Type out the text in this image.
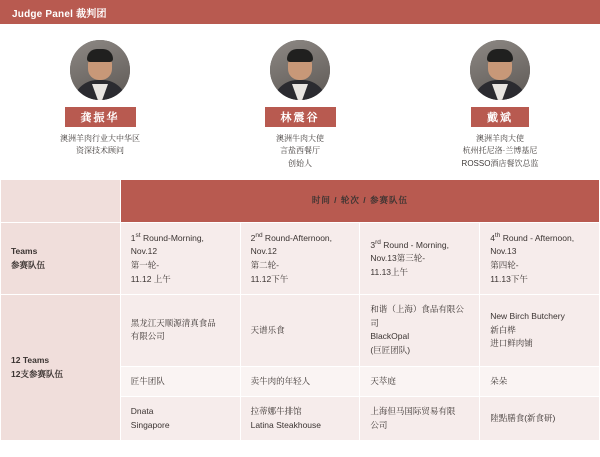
Judge Panel 裁判团
龚振华
澳洲羊肉行业大中华区
资深技术顾问
林震谷
澳洲牛肉大使
言盐西餐厅
创始人
戴斌
澳洲羊肉大使
杭州托尼洛·兰博基尼
ROSSO酒店餐饮总监
	时间 / 轮次 / 参赛队伍			

Teams
参赛队伍	1st Round-Morning,
Nov.12
第一轮-
11.12 上午	2nd Round-Afternoon,
Nov.12
第二轮-
11.12下午	3rd Round - Morning,
Nov.13第三轮-
11.13上午	4th Round - Afternoon,
Nov.13
第四轮-
11.13下午

12 Teams
12支参赛队伍	黑龙江天顺源清真食品
有限公司	天谱乐食	和谐（上海）食品有限公司
BlackOpal
(巨匠团队)	New Birch Butchery
新白桦
进口鲜肉铺

	匠牛团队	卖牛肉的年轻人	天萃庭	朵朵

	Dnata
Singapore	拉蒂娜牛排馆
Latina Steakhouse	上海但马国际贸易有限
公司	陸點膳食(新食研)
